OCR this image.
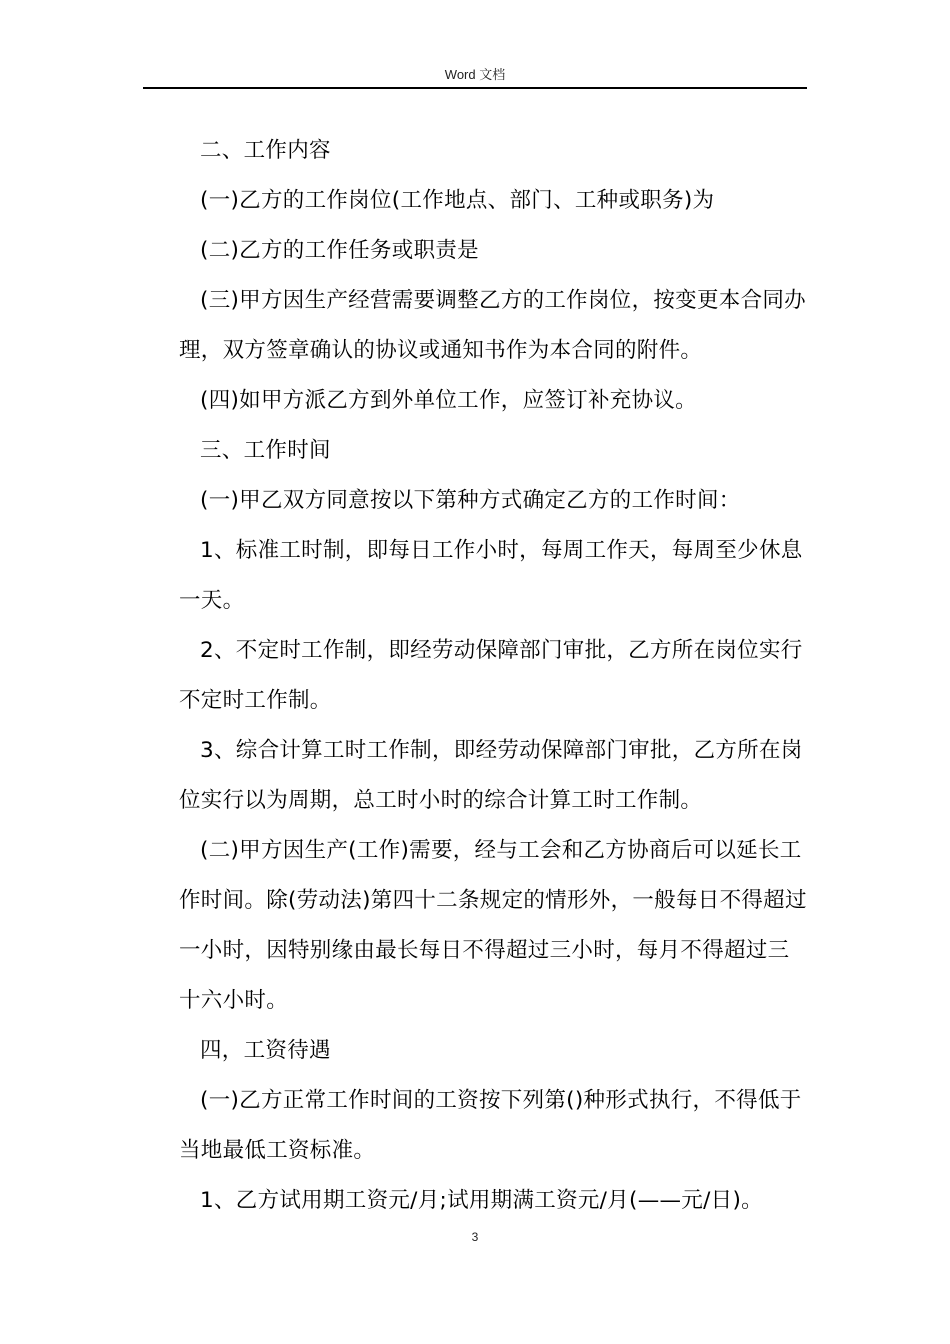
Word 文档

二、工作内容

(一)乙方的工作岗位(工作地点、部门、工种或职务)为

(二)乙方的工作任务或职责是

(三)甲方因生产经营需要调整乙方的工作岗位，按变更本合同办理，双方签章确认的协议或通知书作为本合同的附件。

(四)如甲方派乙方到外单位工作，应签订补充协议。

三、工作时间

(一)甲乙双方同意按以下第种方式确定乙方的工作时间：

1、标准工时制，即每日工作小时，每周工作天，每周至少休息一天。

2、不定时工作制，即经劳动保障部门审批，乙方所在岗位实行不定时工作制。

3、综合计算工时工作制，即经劳动保障部门审批，乙方所在岗位实行以为周期，总工时小时的综合计算工时工作制。

(二)甲方因生产(工作)需要，经与工会和乙方协商后可以延长工作时间。除(劳动法)第四十二条规定的情形外，一般每日不得超过一小时，因特别缘由最长每日不得超过三小时，每月不得超过三十六小时。

四，工资待遇

(一)乙方正常工作时间的工资按下列第()种形式执行，不得低于当地最低工资标准。

1、乙方试用期工资元/月;试用期满工资元/月(——元/日)。

3
